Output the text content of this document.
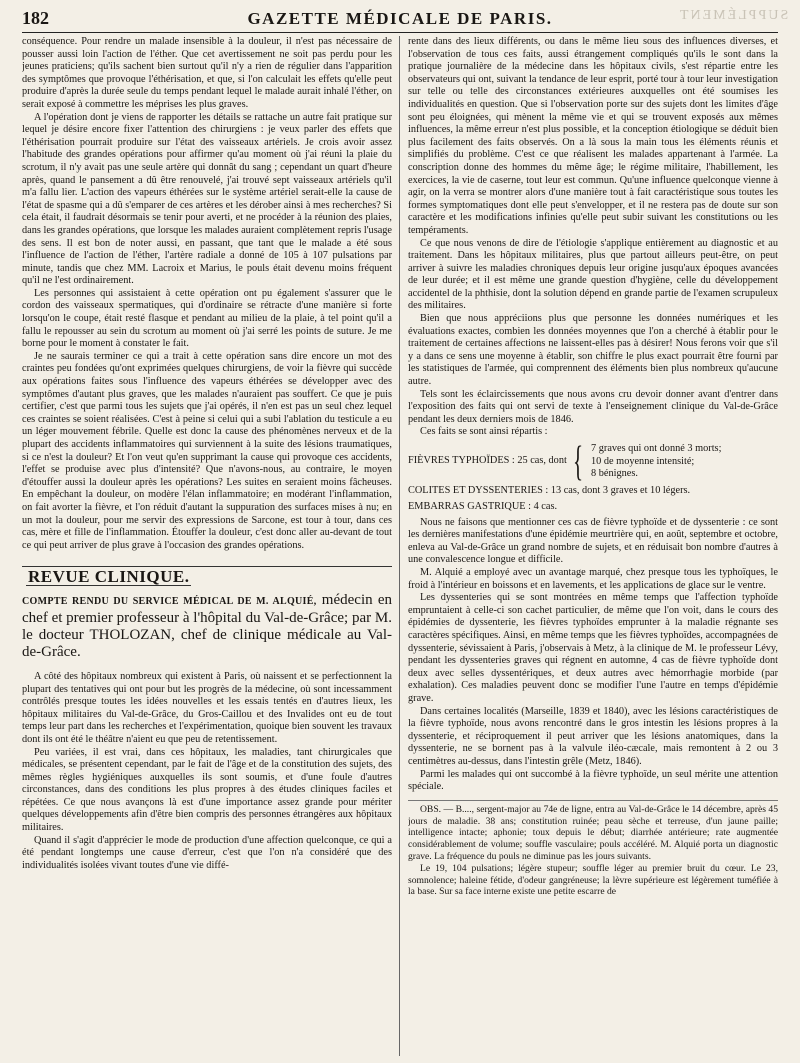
182	GAZETTE MÉDICALE DE PARIS.	SUPPLÉMENT

conséquence. Pour rendre un malade insensible à la douleur, il n'est pas nécessaire de pousser aussi loin l'action de l'éther. Que cet avertissement ne soit pas perdu pour les jeunes praticiens; qu'ils sachent bien surtout qu'il n'y a rien de régulier dans l'apparition des symptômes que provoque l'éthérisation, et que, si l'on calculait les effets qu'elle peut produire d'après la durée seule du temps pendant lequel le malade aurait inhalé l'éther, on serait exposé à commettre les méprises les plus graves.

A l'opération dont je viens de rapporter les détails se rattache un autre fait pratique sur lequel je désire encore fixer l'attention des chirurgiens : je veux parler des effets que l'éthérisation pourrait produire sur l'état des vaisseaux artériels. Je crois avoir assez l'habitude des grandes opérations pour affirmer qu'au moment où j'ai réuni la plaie du scrotum, il n'y avait pas une seule artère qui donnât du sang ; cependant un quart d'heure après, quand le pansement a dû être renouvelé, j'ai trouvé sept vaisseaux artériels qu'il m'a fallu lier. L'action des vapeurs éthérées sur le système artériel serait-elle la cause de l'état de spasme qui a dû s'emparer de ces artères et les dérober ainsi à mes recherches? Si cela était, il faudrait désormais se tenir pour averti, et ne procéder à la réunion des plaies, dans les grandes opérations, que lorsque les malades auraient complètement repris l'usage des sens. Il est bon de noter aussi, en passant, que tant que le malade a été sous l'influence de l'action de l'éther, l'artère radiale a donné de 105 à 107 pulsations par minute, tandis que chez MM. Lacroix et Marius, le pouls était devenu moins fréquent qu'il ne l'est ordinairement.

Les personnes qui assistaient à cette opération ont pu également s'assurer que le cordon des vaisseaux spermatiques, qui d'ordinaire se rétracte d'une manière si forte lorsqu'on le coupe, était resté flasque et pendant au milieu de la plaie, à tel point qu'il a fallu le repousser au sein du scrotum au moment où j'ai serré les points de suture. Je me borne pour le moment à constater le fait.

Je ne saurais terminer ce qui a trait à cette opération sans dire encore un mot des craintes peu fondées qu'ont exprimées quelques chirurgiens, de voir la fièvre qui succède aux opérations faites sous l'influence des vapeurs éthérées se développer avec des symptômes d'autant plus graves, que les malades n'auraient pas souffert. Ce que je puis certifier, c'est que parmi tous les sujets que j'ai opérés, il n'en est pas un seul chez lequel ces craintes se soient réalisées. C'est à peine si celui qui a subi l'ablation du testicule a eu un léger mouvement fébrile. Quelle est donc la cause des phénomènes nerveux et de la plupart des accidents inflammatoires qui surviennent à la suite des lésions traumatiques, si ce n'est la douleur? Et l'on veut qu'en supprimant la cause qui provoque ces accidents, l'effet se produise avec plus d'intensité? Que n'avons-nous, au contraire, le moyen d'étouffer aussi la douleur après les opérations? Les suites en seraient moins fâcheuses. En empêchant la douleur, on modère l'élan inflammatoire; en modérant l'inflammation, on fait avorter la fièvre, et l'on réduit d'autant la suppuration des surfaces mises à nu; en un mot la douleur, pour me servir des expressions de Sarcone, est tour à tour, dans ces cas, mère et fille de l'inflammation. Étouffer la douleur, c'est donc aller au-devant de tout ce qui peut arriver de plus grave à l'occasion des grandes opérations.

REVUE CLINIQUE.
COMPTE RENDU DU SERVICE MÉDICAL DE M. ALQUIÉ, médecin en chef et premier professeur à l'hôpital du Val-de-Grâce; par M. le docteur THOLOZAN, chef de clinique médicale au Val-de-Grâce.

A côté des hôpitaux nombreux qui existent à Paris, où naissent et se perfectionnent la plupart des tentatives qui ont pour but les progrès de la médecine, où sont incessamment contrôlés presque toutes les idées nouvelles et les essais tentés en d'autres lieux, les hôpitaux militaires du Val-de-Grâce, du Gros-Caillou et des Invalides ont eu de tout temps leur part dans les recherches et l'expérimentation, quoique bien souvent les travaux dont ils ont été le théâtre n'aient eu que peu de retentissement.

Peu variées, il est vrai, dans ces hôpitaux, les maladies, tant chirurgicales que médicales, se présentent cependant, par le fait de l'âge et de la constitution des sujets, des mêmes règles hygiéniques auxquelles ils sont soumis, et d'une foule d'autres circonstances, dans des conditions les plus propres à des études cliniques faciles et répétées. Ce que nous avançons là est d'une importance assez grande pour mériter quelques développements afin d'être bien compris des personnes étrangères aux hôpitaux militaires.

Quand il s'agit d'apprécier le mode de production d'une affection quelconque, ce qui a été pendant longtemps une cause d'erreur, c'est que l'on n'a considéré que des individualités isolées vivant toutes d'une vie diffé-

rente dans des lieux différents, ou dans le même lieu sous des influences diverses, et l'observation de tous ces faits, aussi étrangement compliqués qu'ils le sont dans la pratique journalière de la médecine dans les hôpitaux civils, s'est répartie entre les observateurs qui ont, suivant la tendance de leur esprit, porté tour à tour leur investigation sur telle ou telle des circonstances extérieures auxquelles ont été soumises les individualités en question. Que si l'observation porte sur des sujets dont les limites d'âge sont peu éloignées, qui mènent la même vie et qui se trouvent exposés aux mêmes influences, la même erreur n'est plus possible, et la conception étiologique se déduit bien plus facilement des faits observés. On a là sous la main tous les éléments réunis et simplifiés du problème. C'est ce que réalisent les malades appartenant à l'armée. La conscription donne des hommes du même âge; le régime militaire, l'habillement, les exercices, la vie de caserne, tout leur est commun. Qu'une influence quelconque vienne à agir, on la verra se montrer alors d'une manière tout à fait caractéristique sous toutes les formes symptomatiques dont elle peut s'envelopper, et il ne restera pas de doute sur son caractère et les modifications infinies qu'elle peut subir suivant les constitutions ou les tempéraments.

Ce que nous venons de dire de l'étiologie s'applique entièrement au diagnostic et au traitement. Dans les hôpitaux militaires, plus que partout ailleurs peut-être, on peut arriver à suivre les maladies chroniques depuis leur origine jusqu'aux époques avancées de leur durée; et il est même une grande question d'hygiène, celle du développement accidentel de la phthisie, dont la solution dépend en grande partie de l'examen scrupuleux des militaires.

Bien que nous appréciions plus que personne les données numériques et les évaluations exactes, combien les données moyennes que l'on a cherché à établir pour le traitement de certaines affections ne laissent-elles pas à désirer! Nous ferons voir que s'il y a dans ce sens une moyenne à établir, son chiffre le plus exact pourrait être fourni par les statistiques de l'armée, qui comprennent des éléments bien plus nombreux qu'aucune autre.

Tels sont les éclaircissements que nous avons cru devoir donner avant d'entrer dans l'exposition des faits qui ont servi de texte à l'enseignement clinique du Val-de-Grâce pendant les deux derniers mois de 1846.

Ces faits se sont ainsi répartis :

FIÈVRES TYPHOÏDES : 25 cas, dont { 7 graves qui ont donné 3 morts;
10 de moyenne intensité;
8 bénignes.

COLITES ET DYSSENTERIES : 13 cas, dont 3 graves et 10 légers.

EMBARRAS GASTRIQUE : 4 cas.

Nous ne faisons que mentionner ces cas de fièvre typhoïde et de dyssenterie : ce sont les dernières manifestations d'une épidémie meurtrière qui, en août, septembre et octobre, enleva au Val-de-Grâce un grand nombre de sujets, et en réduisait bon nombre d'autres à une convalescence longue et difficile.

M. Alquié a employé avec un avantage marqué, chez presque tous les typhoïques, le froid à l'intérieur en boissons et en lavements, et les applications de glace sur le ventre.

Les dyssenteries qui se sont montrées en même temps que l'affection typhoïde empruntaient à celle-ci son cachet particulier, de même que l'on voit, dans le cours des épidémies de dyssenterie, les fièvres typhoïdes emprunter à la maladie régnante ses caractères spécifiques. Ainsi, en même temps que les fièvres typhoïdes, accompagnées de dyssenterie, sévissaient à Paris, j'observais à Metz, à la clinique de M. le professeur Lévy, pendant les dyssenteries graves qui régnent en automne, 4 cas de fièvre typhoïde dont deux avec selles dyssentériques, et deux autres avec hémorrhagie morbide (par exhalation). Ces maladies peuvent donc se modifier l'une l'autre en temps d'épidémie grave.

Dans certaines localités (Marseille, 1839 et 1840), avec les lésions caractéristiques de la fièvre typhoïde, nous avons rencontré dans le gros intestin les lésions propres à la dyssenterie, et réciproquement il peut arriver que les lésions anatomiques, dans la dyssenterie, ne se bornent pas à la valvule iléo-cæcale, mais remontent à 2 ou 3 centimètres au-dessus, dans l'intestin grêle (Metz, 1846).

Parmi les malades qui ont succombé à la fièvre typhoïde, un seul mérite une attention spéciale.

OBS. — B...., sergent-major au 74e de ligne, entra au Val-de-Grâce le 14 décembre, après 45 jours de maladie. 38 ans; constitution ruinée; peau sèche et terreuse, d'un jaune paille; intelligence intacte; aphonie; toux depuis le début; diarrhée antérieure; rate augmentée considérablement de volume; souffle vasculaire; pouls accéléré. M. Alquié porta un diagnostic grave. La fréquence du pouls ne diminue pas les jours suivants.

Le 19, 104 pulsations; légère stupeur; souffle léger au premier bruit du cœur. Le 23, somnolence; haleine fétide, d'odeur gangréneuse; la lèvre supérieure est légèrement tuméfiée à la base. Sur sa face interne existe une petite escarre de
